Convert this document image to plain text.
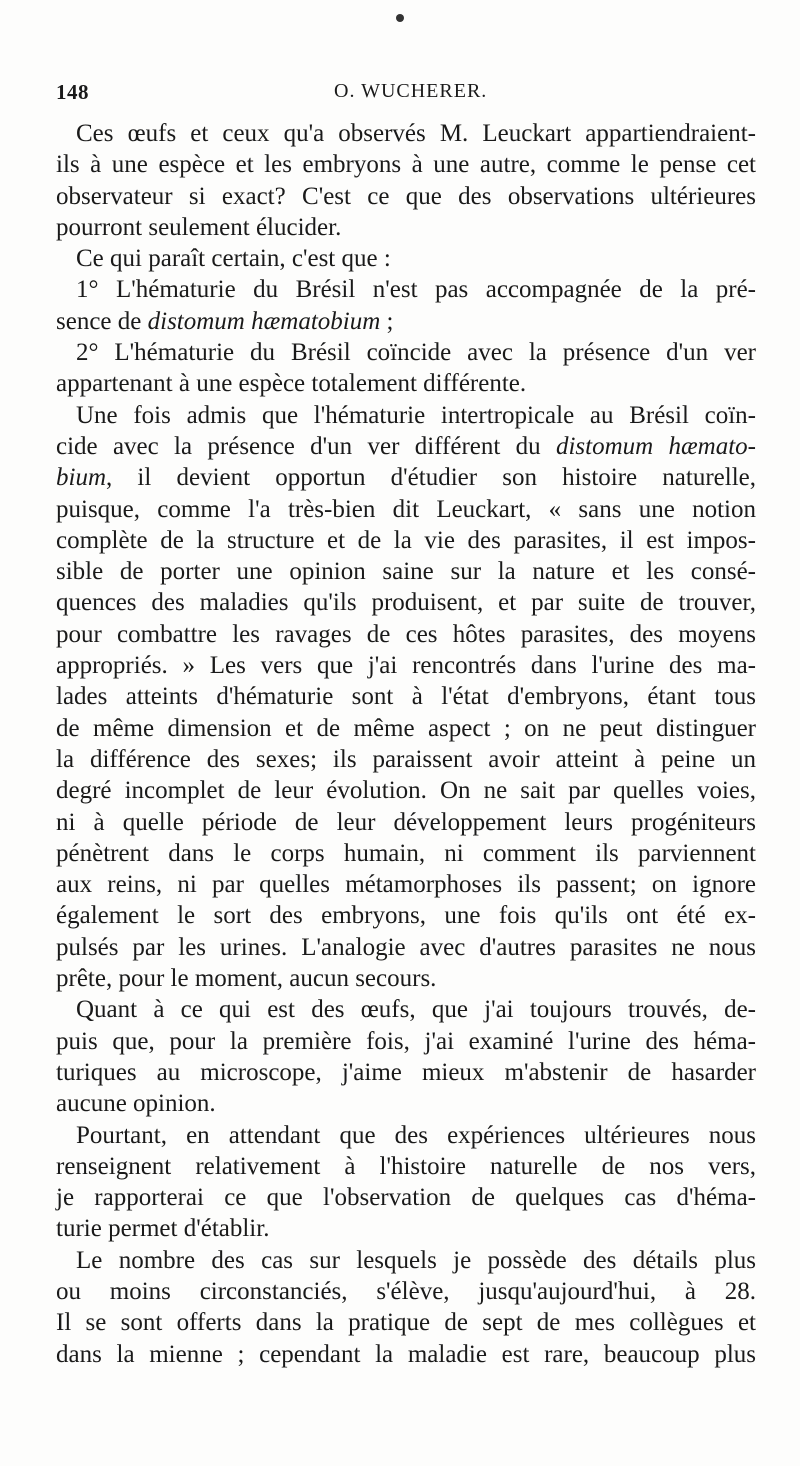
148	O. WUCHERER.
Ces œufs et ceux qu'a observés M. Leuckart appartiendraient-
ils à une espèce et les embryons à une autre, comme le pense cet
observateur si exact? C'est ce que des observations ultérieures
pourront seulement élucider.
Ce qui paraît certain, c'est que :
1° L'hématurie du Brésil n'est pas accompagnée de la pré-
sence de distomum hæmatobium ;
2° L'hématurie du Brésil coïncide avec la présence d'un ver
appartenant à une espèce totalement différente.
Une fois admis que l'hématurie intertropicale au Brésil coïn-
cide avec la présence d'un ver différent du distomum hæmato-
bium, il devient opportun d'étudier son histoire naturelle,
puisque, comme l'a très-bien dit Leuckart, « sans une notion
complète de la structure et de la vie des parasites, il est impos-
sible de porter une opinion saine sur la nature et les consé-
quences des maladies qu'ils produisent, et par suite de trouver,
pour combattre les ravages de ces hôtes parasites, des moyens
appropriés. » Les vers que j'ai rencontrés dans l'urine des ma-
lades atteints d'hématurie sont à l'état d'embryons, étant tous
de même dimension et de même aspect ; on ne peut distinguer
la différence des sexes; ils paraissent avoir atteint à peine un
degré incomplet de leur évolution. On ne sait par quelles voies,
ni à quelle période de leur développement leurs progéniteurs
pénètrent dans le corps humain, ni comment ils parviennent
aux reins, ni par quelles métamorphoses ils passent; on ignore
également le sort des embryons, une fois qu'ils ont été ex-
pulsés par les urines. L'analogie avec d'autres parasites ne nous
prête, pour le moment, aucun secours.
Quant à ce qui est des œufs, que j'ai toujours trouvés, de-
puis que, pour la première fois, j'ai examiné l'urine des héma-
turiques au microscope, j'aime mieux m'abstenir de hasarder
aucune opinion.
Pourtant, en attendant que des expériences ultérieures nous
renseignent relativement à l'histoire naturelle de nos vers,
je rapporterai ce que l'observation de quelques cas d'héma-
turie permet d'établir.
Le nombre des cas sur lesquels je possède des détails plus
ou moins circonstanciés, s'élève, jusqu'aujourd'hui, à 28.
Il se sont offerts dans la pratique de sept de mes collègues et
dans la mienne ; cependant la maladie est rare, beaucoup plus
